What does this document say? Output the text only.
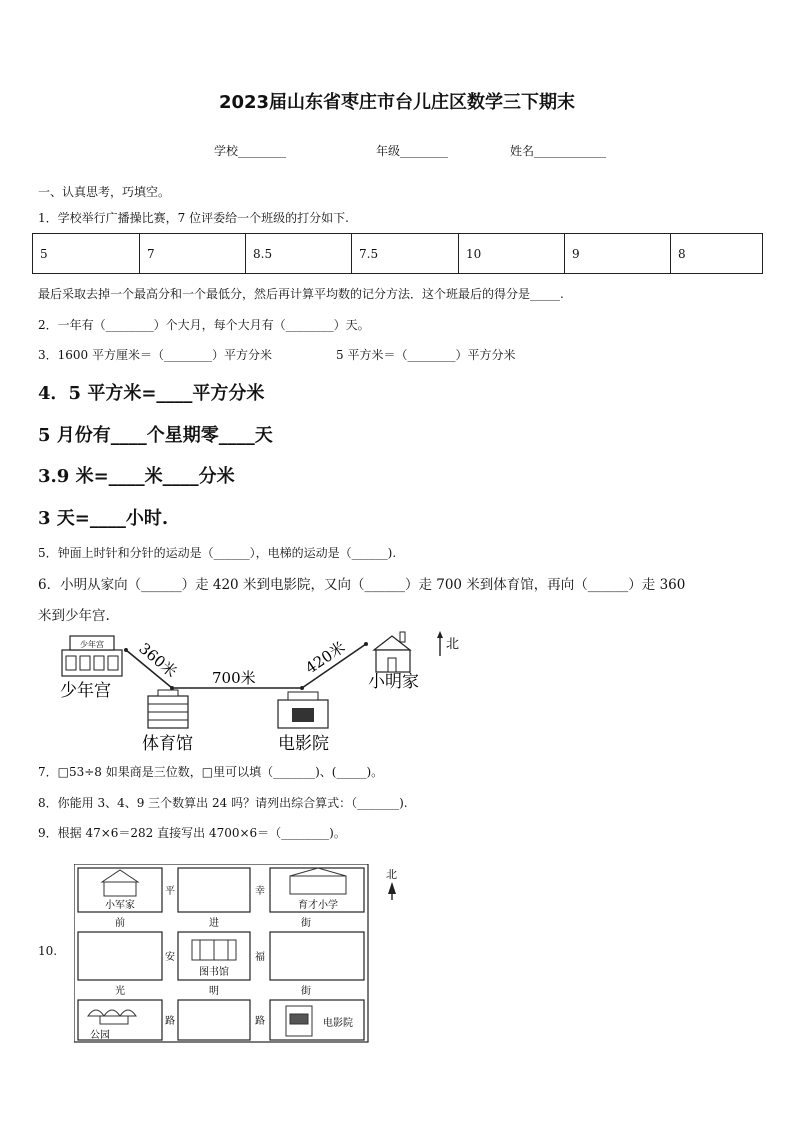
2023届山东省枣庄市台儿庄区数学三下期末
学校________	年级________	姓名____________
一、认真思考，巧填空。
1．学校举行广播操比赛，7 位评委给一个班级的打分如下.
5	7	8.5	7.5	10	9	8
最后采取去掉一个最高分和一个最低分，然后再计算平均数的记分方法．这个班最后的得分是_____.
2．一年有（________）个大月，每个大月有（________）天。
3．1600 平方厘米＝（________）平方分米	5 平方米＝（________）平方分米
4．5 平方米=____平方分米
5 月份有____个星期零____天
3.9 米=____米____分米
3 天=____小时.
5．钟面上时针和分针的运动是（______），电梯的运动是（______).
6．小明从家向（______）走 420 米到电影院，又向（______）走 700 米到体育馆，再向（______）走 360
米到少年宫.
少年宫
少年宫
360米 700米
420米
体育馆	电影院
小明家
北
7．□53÷8 如果商是三位数，□里可以填（_______)、(_____)。
8．你能用 3、4、9 三个数算出 24 吗？请列出综合算式：（_______).
9．根据 47×6＝282 直接写出 4700×6＝（________)。
10.
小军家	育才小学
图书馆
公园
电影院
前	进	街
光	明	街
平
安
路
幸
福
路
北
